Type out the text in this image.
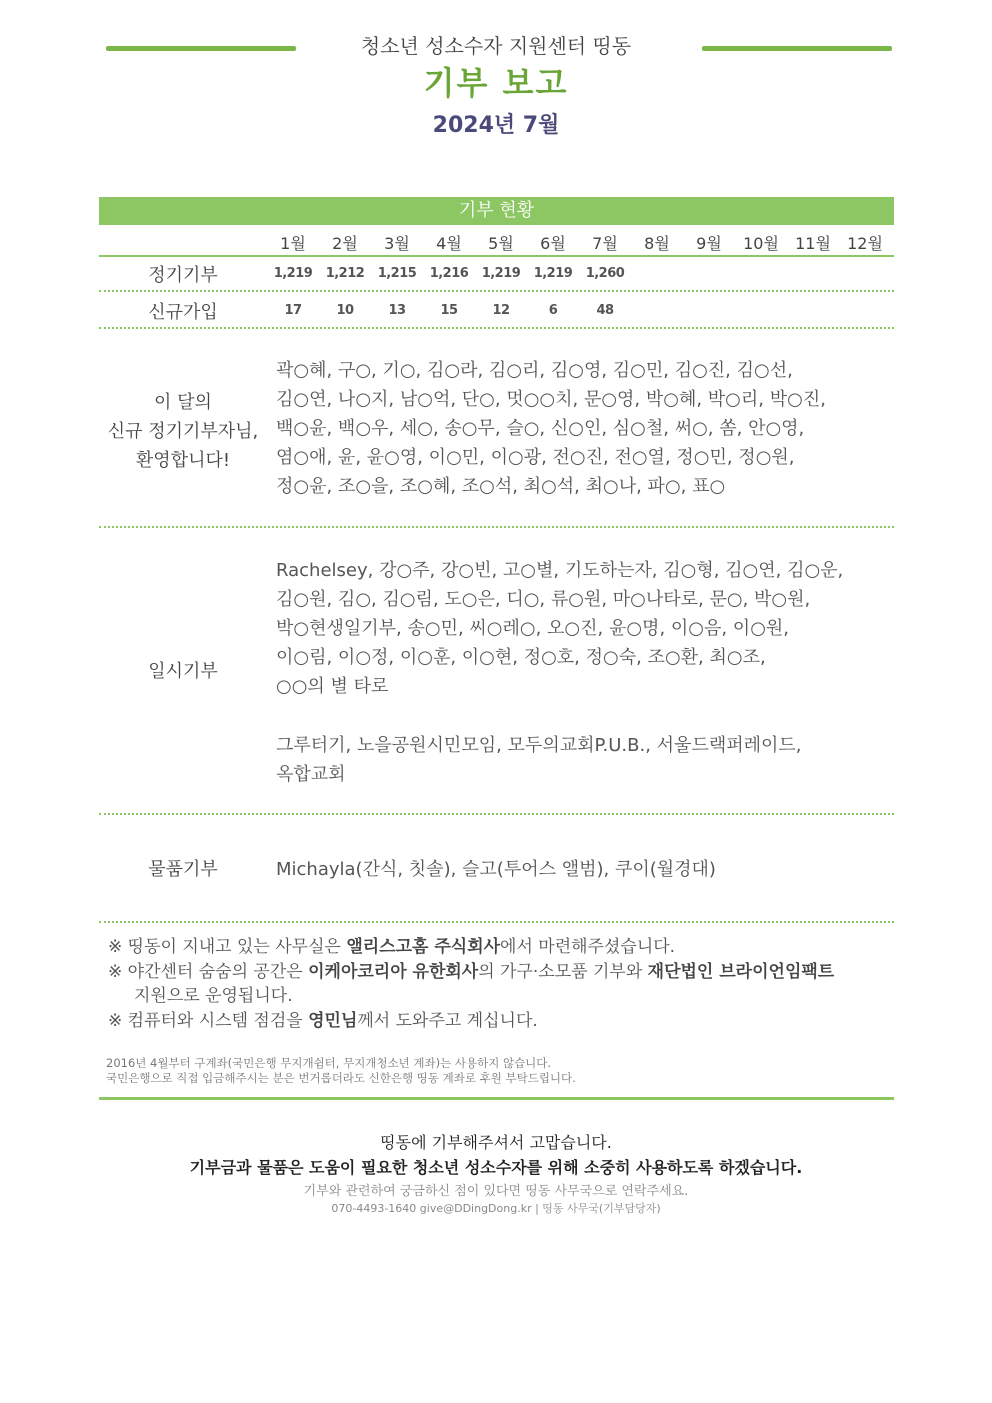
청소년 성소수자 지원센터 띵동
기부 보고
2024년 7월
기부 현황
1월	2월	3월	4월	5월	6월	7월	8월	9월	10월	11월	12월
정기기부	1,219	1,212	1,215	1,216	1,219	1,219	1,260
신규가입	17	10	13	15	12	6	48
이 달의
신규 정기기부자님,
환영합니다!

곽○혜, 구○, 기○, 김○라, 김○리, 김○영, 김○민, 김○진, 김○선,

김○연, 나○지, 남○억, 단○, 멋○○치, 문○영, 박○혜, 박○리, 박○진,

백○윤, 백○우, 세○, 송○무, 슬○, 신○인, 심○철, 써○, 쏨, 안○영,

염○애, 윤, 윤○영, 이○민, 이○광, 전○진, 전○열, 정○민, 정○원,

정○윤, 조○을, 조○혜, 조○석, 최○석, 최○나, 파○, 표○

일시기부

Rachelsey, 강○주, 강○빈, 고○별, 기도하는자, 김○형, 김○연, 김○운,

김○원, 김○, 김○림, 도○은, 디○, 류○원, 마○나타로, 문○, 박○원,

박○현생일기부, 송○민, 씨○레○, 오○진, 윤○명, 이○음, 이○원,

이○림, 이○정, 이○훈, 이○현, 정○호, 정○숙, 조○환, 최○조,

○○의 별 타로

그루터기, 노을공원시민모임, 모두의교회P.U.B., 서울드랙퍼레이드,

옥합교회

물품기부	Michayla(간식, 칫솔), 슬고(투어스 앨범), 쿠이(월경대)

※ 띵동이 지내고 있는 사무실은 앨리스고홈 주식회사에서 마련해주셨습니다.

※ 야간센터 숨숨의 공간은 이케아코리아 유한회사의 가구·소모품 기부와 재단법인 브라이언임팩트

지원으로 운영됩니다.

※ 컴퓨터와 시스템 점검을 영민님께서 도와주고 계십니다.

2016년 4월부터 구계좌(국민은행 무지개쉼터, 무지개청소년 계좌)는 사용하지 않습니다.

국민은행으로 직접 입금해주시는 분은 번거롭더라도 신한은행 띵동 계좌로 후원 부탁드립니다.

띵동에 기부해주셔서 고맙습니다.
기부금과 물품은 도움이 필요한 청소년 성소수자를 위해 소중히 사용하도록 하겠습니다.
기부와 관련하여 궁금하신 점이 있다면 띵동 사무국으로 연락주세요.
070-4493-1640 give@DDingDong.kr | 띵동 사무국(기부담당자)
